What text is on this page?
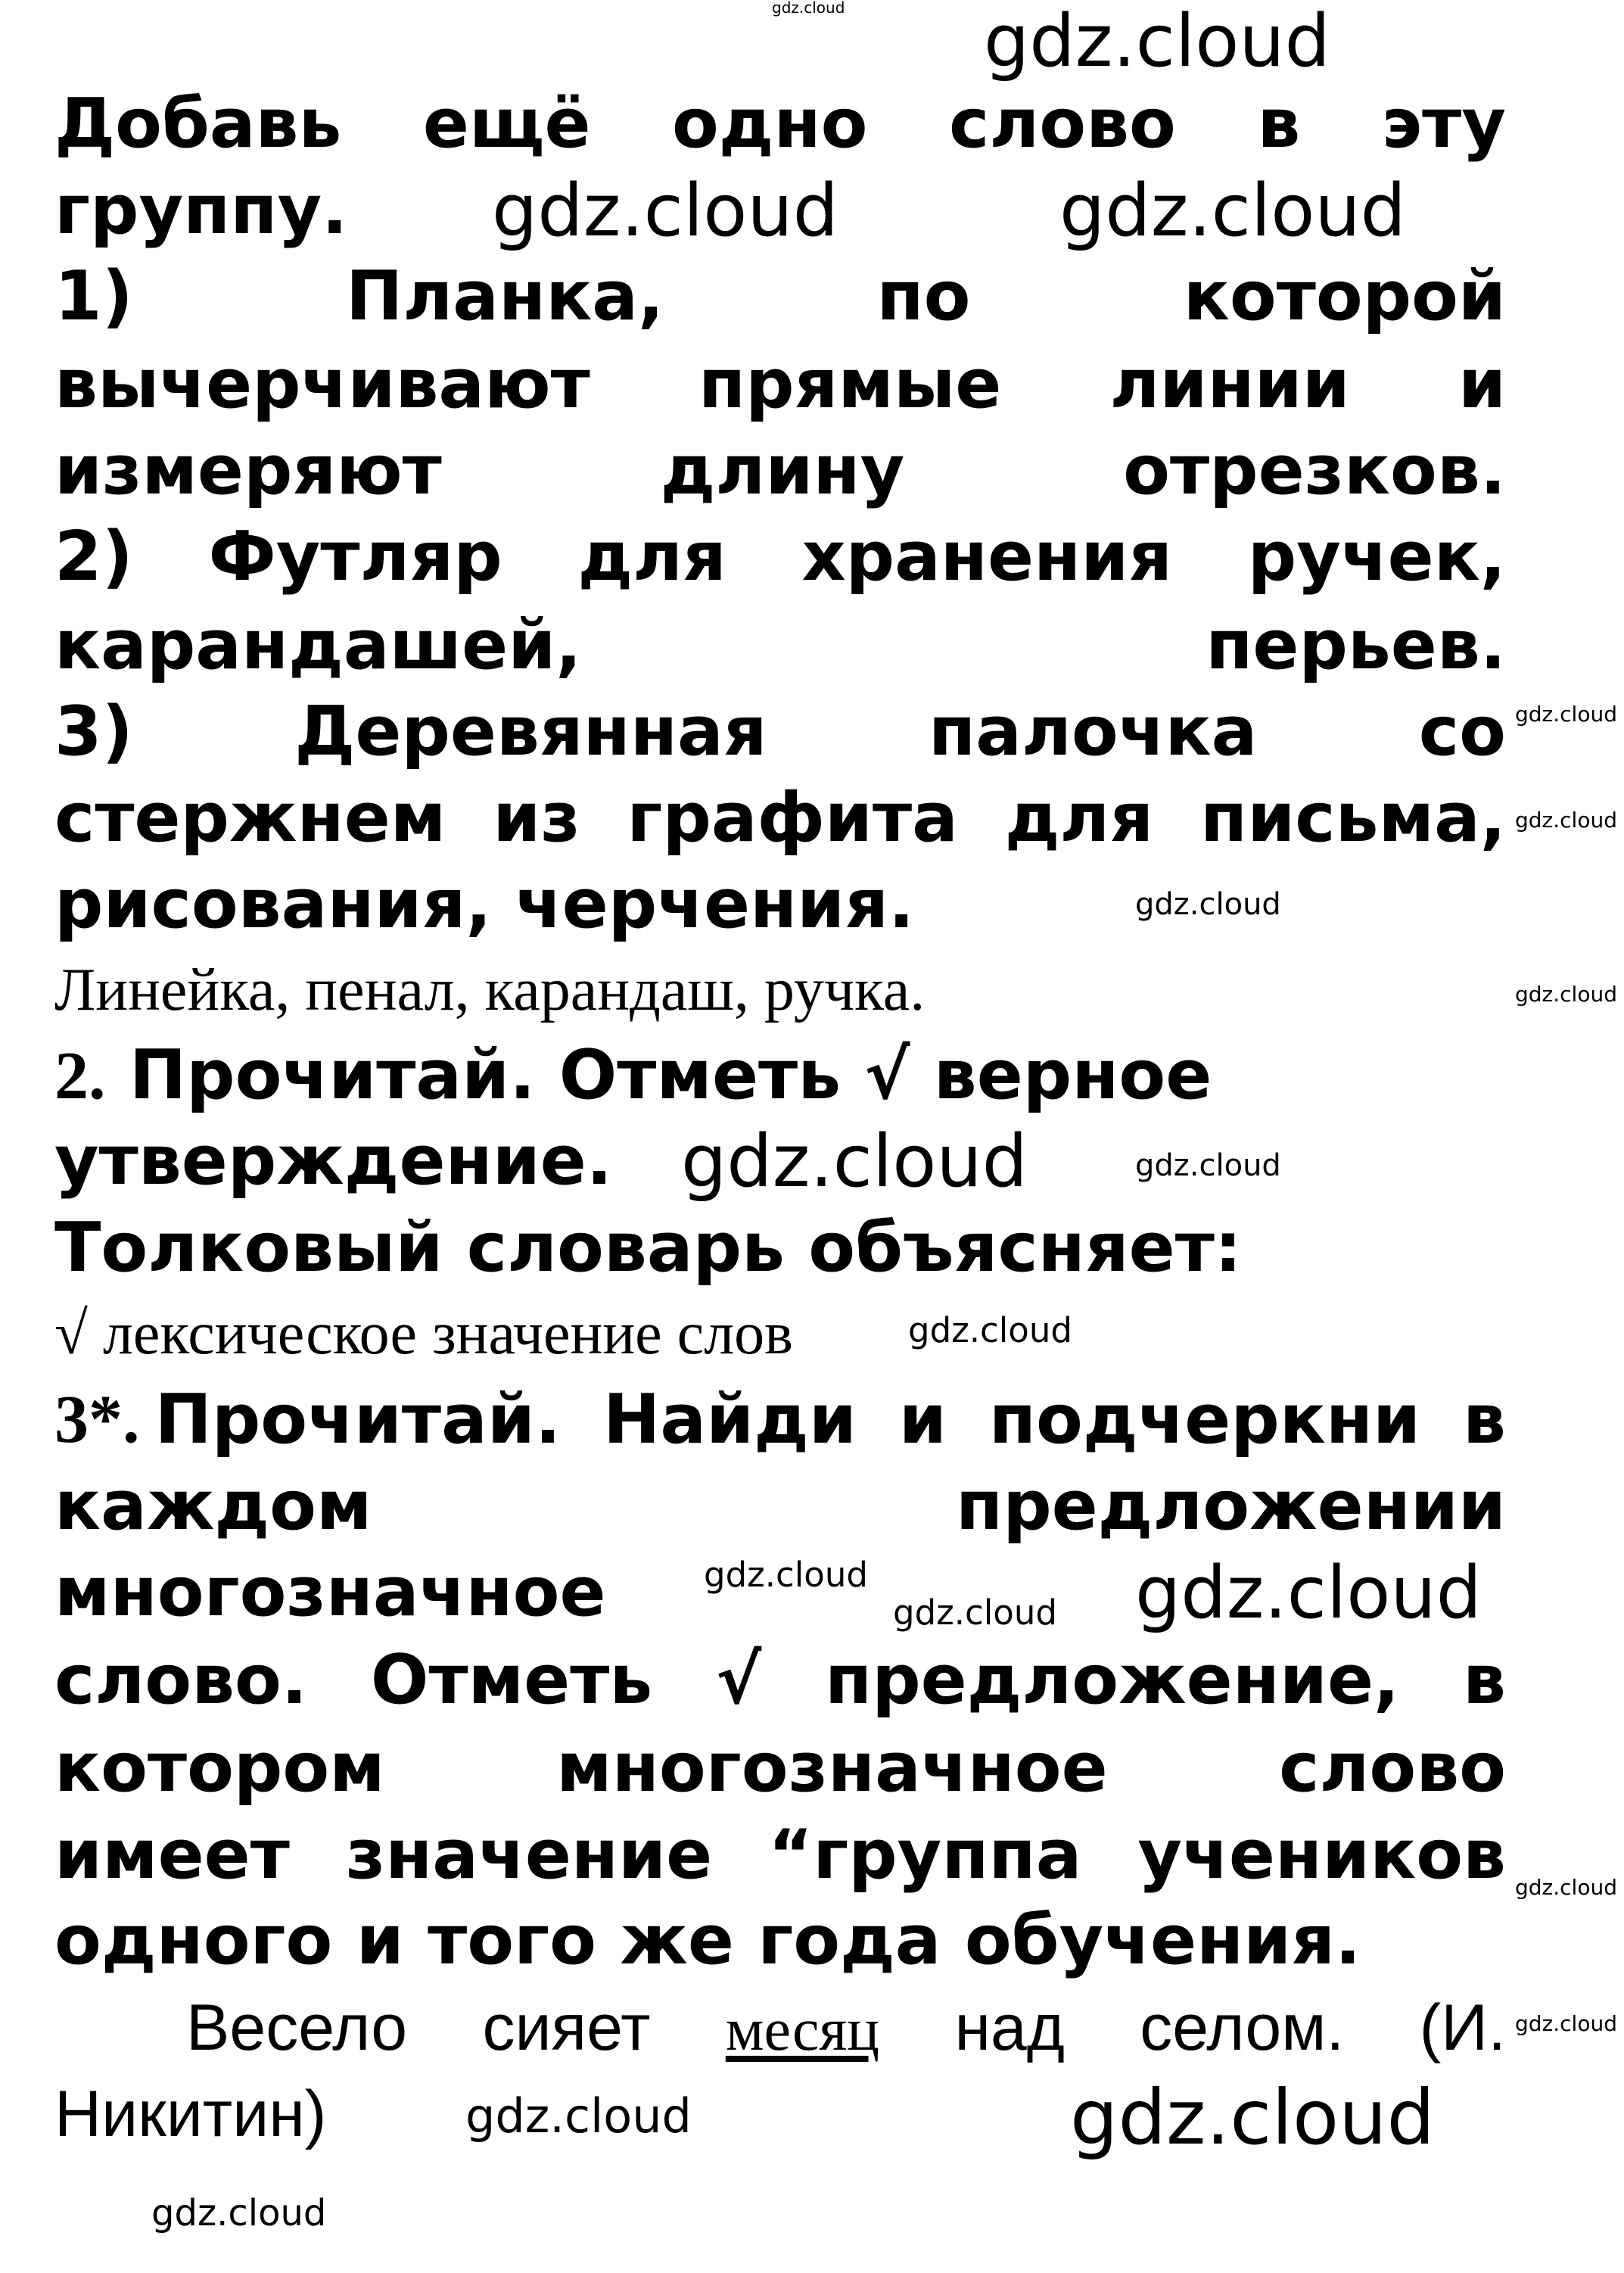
Добавь ещё одно слово в эту
группу.
1) Планка, по которой
вычерчивают прямые линии и
измеряют длину отрезков.
2) Футляр для хранения ручек,
карандашей, перьев.
3) Деревянная палочка со
стержнем из графита для письма,
рисования, черчения.
Линейка, пенал, карандаш, ручка.
2. Прочитай. Отметь √ верное
утверждение.
Толковый словарь объясняет:
√ лексическое значение слов
3*. Прочитай. Найди и подчеркни в
каждом предложении
многозначное
слово. Отметь √ предложение, в
котором многозначное слово
имеет значение “группа учеников
одного и того же года обучения.
Весело сияет месяц над селом. (И.
Никитин)
gdz.cloud gdz.cloud
gdz.cloud	gdz.cloud
gdz.cloud
gdz.cloud
gdz.cloud
gdz.cloud
gdz.cloud	gdz.cloud
gdz.cloud
gdz.cloud
gdz.cloud gdz.cloud
gdz.cloud
gdz.cloud
gdz.cloud	gdz.cloud
gdz.cloud
